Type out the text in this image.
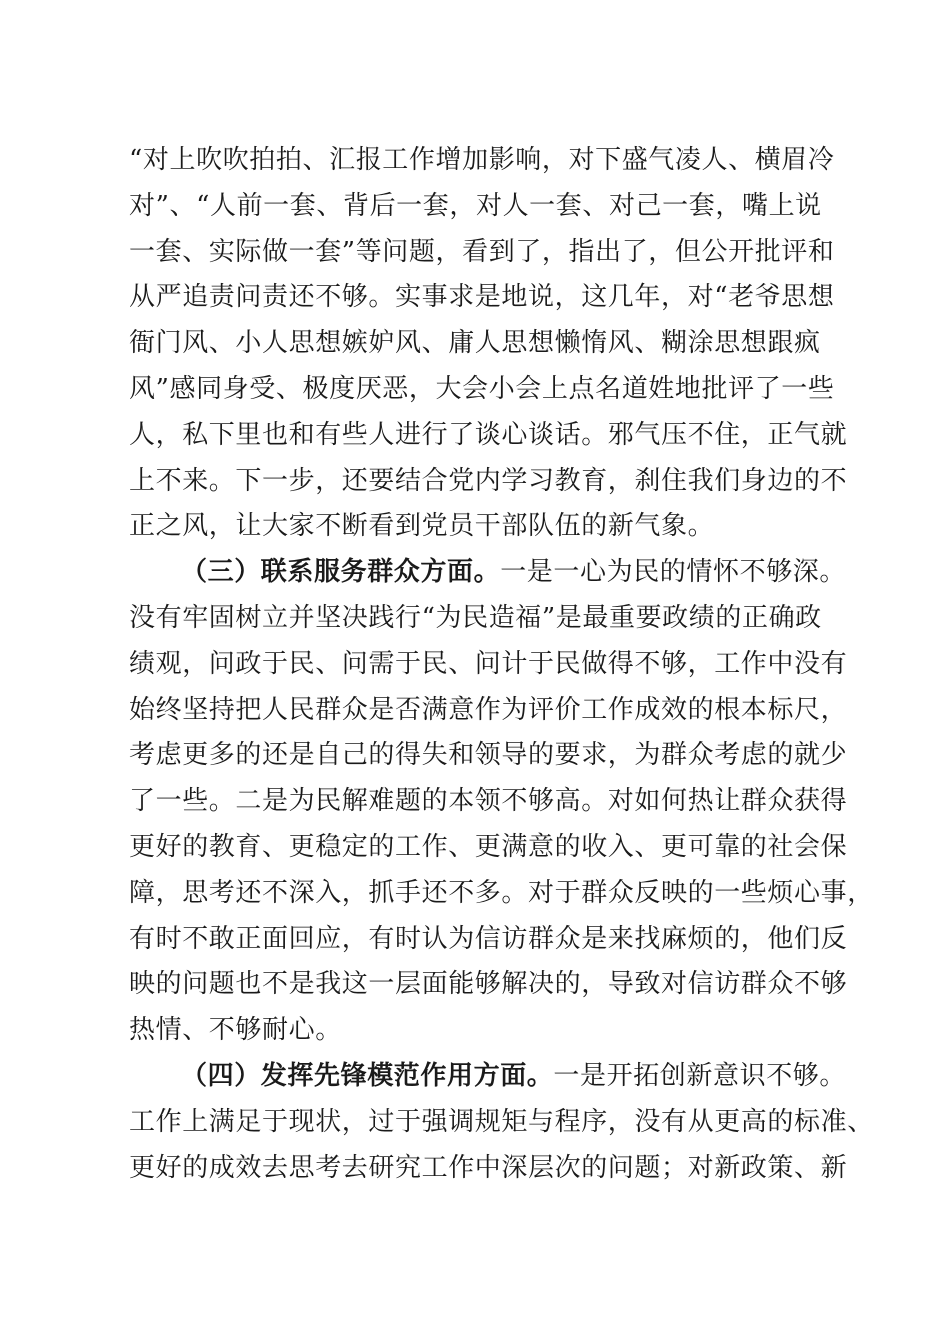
“对上吹吹拍拍、汇报工作增加影响，对下盛气凌人、横眉冷
对”、“人前一套、背后一套，对人一套、对己一套，嘴上说
一套、实际做一套”等问题，看到了，指出了，但公开批评和
从严追责问责还不够。实事求是地说，这几年，对“老爷思想
衙门风、小人思想嫉妒风、庸人思想懒惰风、糊涂思想跟疯
风”感同身受、极度厌恶，大会小会上点名道姓地批评了一些
人，私下里也和有些人进行了谈心谈话。邪气压不住，正气就
上不来。下一步，还要结合党内学习教育，刹住我们身边的不
正之风，让大家不断看到党员干部队伍的新气象。
（三）联系服务群众方面。一是一心为民的情怀不够深。
没有牢固树立并坚决践行“为民造福”是最重要政绩的正确政
绩观，问政于民、问需于民、问计于民做得不够，工作中没有
始终坚持把人民群众是否满意作为评价工作成效的根本标尺，
考虑更多的还是自己的得失和领导的要求，为群众考虑的就少
了一些。二是为民解难题的本领不够高。对如何热让群众获得
更好的教育、更稳定的工作、更满意的收入、更可靠的社会保
障，思考还不深入，抓手还不多。对于群众反映的一些烦心事，
有时不敢正面回应，有时认为信访群众是来找麻烦的，他们反
映的问题也不是我这一层面能够解决的，导致对信访群众不够
热情、不够耐心。
（四）发挥先锋模范作用方面。一是开拓创新意识不够。
工作上满足于现状，过于强调规矩与程序，没有从更高的标准、
更好的成效去思考去研究工作中深层次的问题；对新政策、新
